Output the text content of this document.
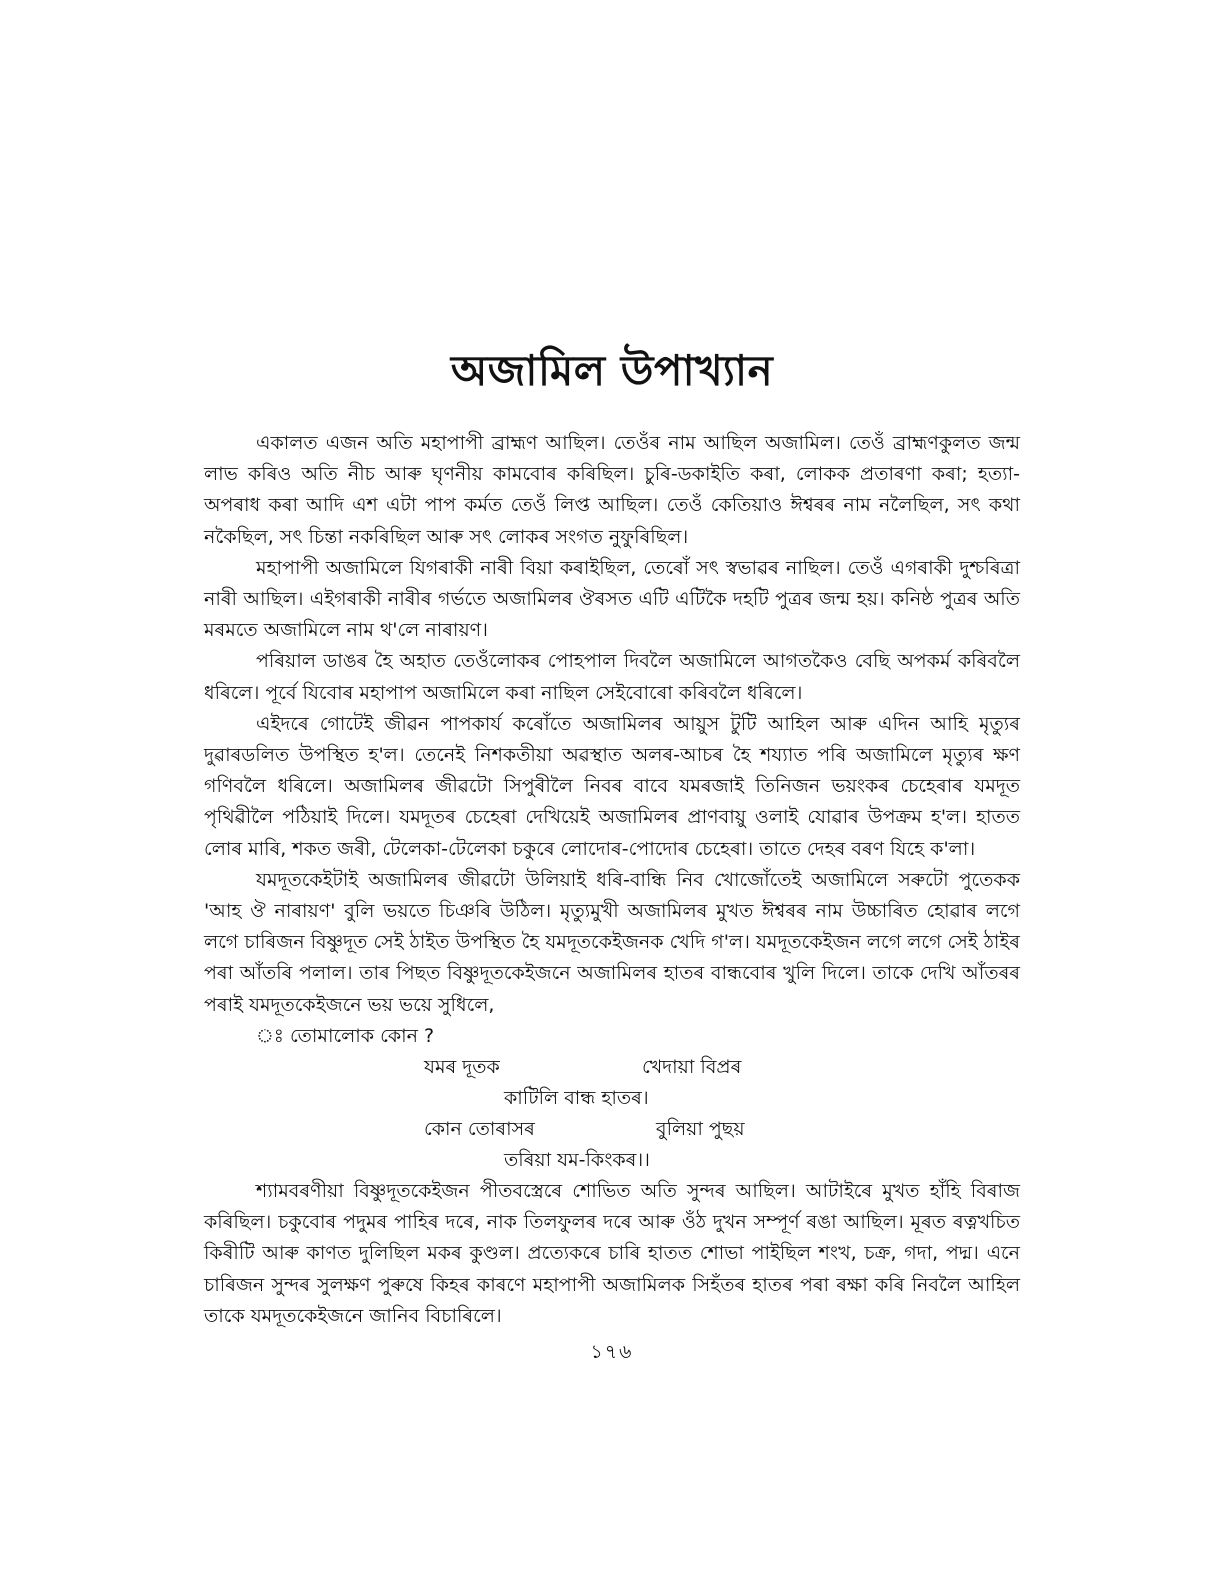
অজামিল উপাখ্যান

একালত এজন অতি মহাপাপী ব্ৰাহ্মণ আছিল। তেওঁৰ নাম আছিল অজামিল। তেওঁ ব্ৰাহ্মণকুলত জন্ম লাভ কৰিও অতি নীচ আৰু ঘৃণনীয় কামবোৰ কৰিছিল। চুৰি-ডকাইতি কৰা, লোকক প্ৰতাৰণা কৰা; হত্যা-অপৰাধ কৰা আদি এশ এটা পাপ কৰ্মত তেওঁ লিপ্ত আছিল। তেওঁ কেতিয়াও ঈশ্বৰৰ নাম নলৈছিল, সৎ কথা নকৈছিল, সৎ চিন্তা নকৰিছিল আৰু সৎ লোকৰ সংগত নুফুৰিছিল।

মহাপাপী অজামিলে যিগৰাকী নাৰী বিয়া কৰাইছিল, তেৰোঁ সৎ স্বভাৱৰ নাছিল। তেওঁ এগৰাকী দুশ্চৰিত্ৰা নাৰী আছিল। এইগৰাকী নাৰীৰ গৰ্ভতে অজামিলৰ ঔৰসত এটি এটিকৈ দহটি পুত্ৰৰ জন্ম হয়। কনিষ্ঠ পুত্ৰৰ অতি মৰমতে অজামিলে নাম থ'লে নাৰায়ণ।

পৰিয়াল ডাঙৰ হৈ অহাত তেওঁলোকৰ পোহপাল দিবলৈ অজামিলে আগতকৈও বেছি অপকৰ্ম কৰিবলৈ ধৰিলে। পূৰ্বে যিবোৰ মহাপাপ অজামিলে কৰা নাছিল সেইবোৰো কৰিবলৈ ধৰিলে।

এইদৰে গোটেই জীৱন পাপকাৰ্য কৰোঁতে অজামিলৰ আয়ুস টুটি আহিল আৰু এদিন আহি মৃত্যুৰ দুৱাৰডলিত উপস্থিত হ'ল। তেনেই নিশকতীয়া অৱস্থাত অলৰ-আচৰ হৈ শয্যাত পৰি অজামিলে মৃত্যুৰ ক্ষণ গণিবলৈ ধৰিলে। অজামিলৰ জীৱটো সিপুৰীলৈ নিবৰ বাবে যমৰজাই তিনিজন ভয়ংকৰ চেহেৰাৰ যমদূত পৃথিৱীলৈ পঠিয়াই দিলে। যমদূতৰ চেহেৰা দেখিয়েই অজামিলৰ প্ৰাণবায়ু ওলাই যোৱাৰ উপক্ৰম হ'ল। হাতত লোৰ মাৰি, শকত জৰী, টেলেকা-টেলেকা চকুৰে লোদোৰ-পোদোৰ চেহেৰা। তাতে দেহৰ বৰণ যিহে ক'লা।

যমদূতকেইটাই অজামিলৰ জীৱটো উলিয়াই ধৰি-বান্ধি নিব খোজোঁতেই অজামিলে সৰুটো পুতেকক 'আহ ঔ নাৰায়ণ' বুলি ভয়তে চিঞৰি উঠিল। মৃত্যুমুখী অজামিলৰ মুখত ঈশ্বৰৰ নাম উচ্চাৰিত হোৱাৰ লগে লগে চাৰিজন বিষ্ণুদূত সেই ঠাইত উপস্থিত হৈ যমদূতকেইজনক খেদি গ'ল। যমদূতকেইজন লগে লগে সেই ঠাইৰ পৰা আঁতৰি পলাল। তাৰ পিছত বিষ্ণুদূতকেইজনে অজামিলৰ হাতৰ বান্ধবোৰ খুলি দিলে। তাকে দেখি আঁতৰৰ পৰাই যমদূতকেইজনে ভয় ভয়ে সুধিলে,

ঃ তোমালোক কোন ?

যমৰ দূতক	খেদায়া বিপ্ৰৰ
কাটিলি বান্ধ হাতৰ।
কোন তোৰাসৰ	বুলিয়া পুছয়
তৰিয়া যম-কিংকৰ।।

শ্যামবৰণীয়া বিষ্ণুদূতকেইজন পীতবস্ত্ৰেৰে শোভিত অতি সুন্দৰ আছিল। আটাইৰে মুখত হাঁহি বিৰাজ কৰিছিল। চকুবোৰ পদুমৰ পাহিৰ দৰে, নাক তিলফুলৰ দৰে আৰু ওঁঠ দুখন সম্পূৰ্ণ ৰঙা আছিল। মূৰত ৰত্নখচিত কিৰীটি আৰু কাণত দুলিছিল মকৰ কুণ্ডল। প্ৰত্যেকৰে চাৰি হাতত শোভা পাইছিল শংখ, চক্ৰ, গদা, পদ্ম। এনে চাৰিজন সুন্দৰ সুলক্ষণ পুৰুষে কিহৰ কাৰণে মহাপাপী অজামিলক সিহঁতৰ হাতৰ পৰা ৰক্ষা কৰি নিবলৈ আহিল তাকে যমদূতকেইজনে জানিব বিচাৰিলে।

১৭৬
